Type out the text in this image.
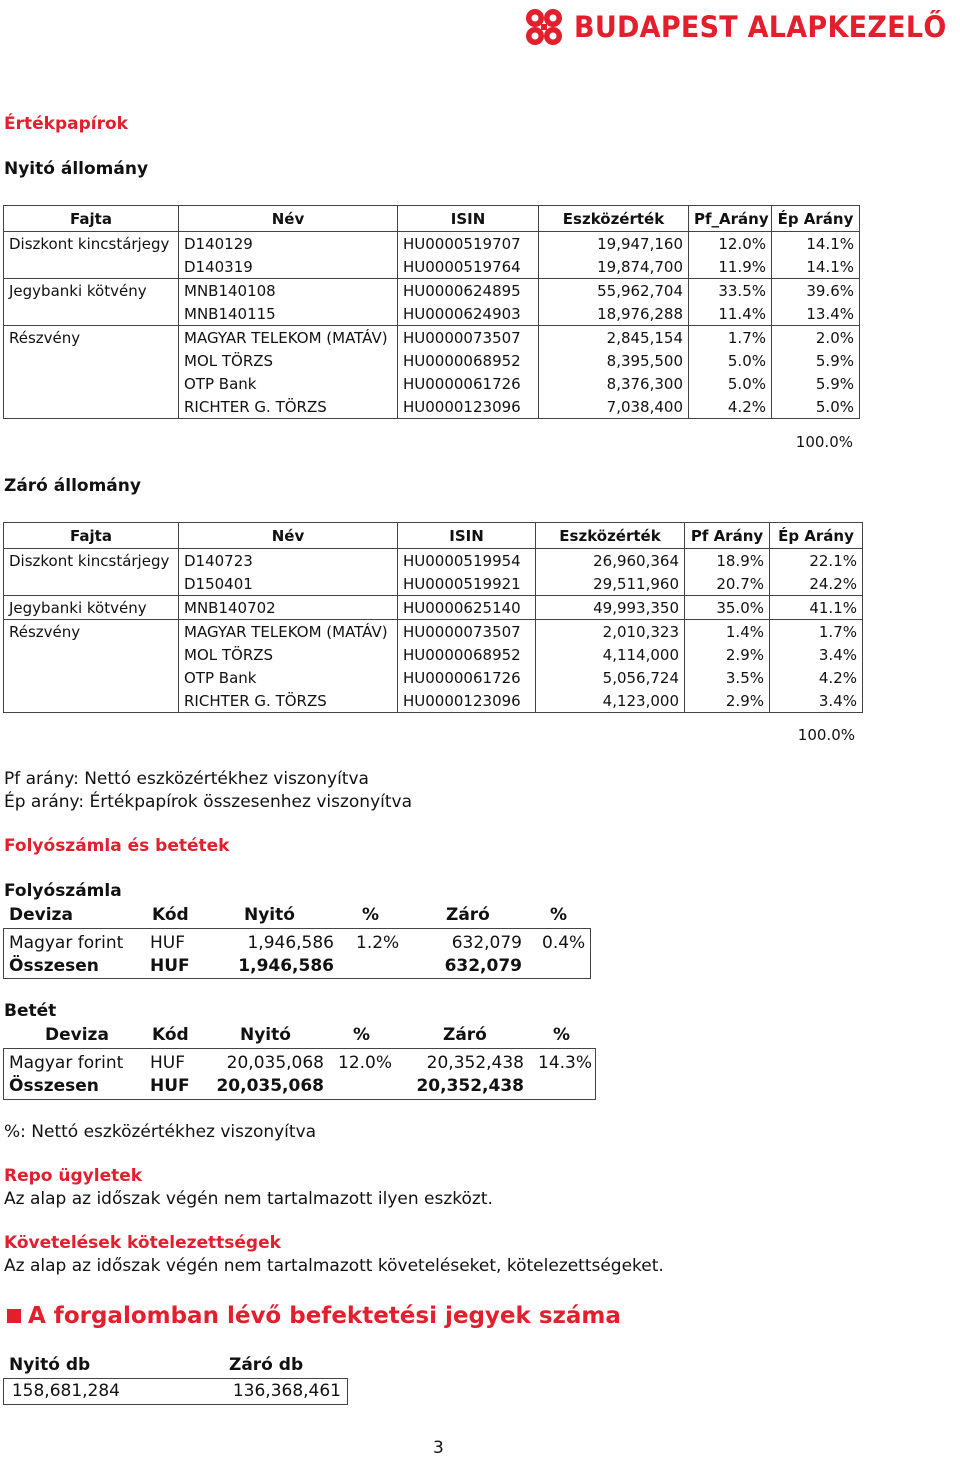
BUDAPEST ALAPKEZELŐ
Értékpapírok
Nyitó állomány
Fajta	Név	ISIN	Eszközérték	Pf_Arány	Ép Arány
Diszkont kincstárjegy	D140129	HU0000519707	19,947,160	12.0%	14.1%
	D140319	HU0000519764	19,874,700	11.9%	14.1%
Jegybanki kötvény	MNB140108	HU0000624895	55,962,704	33.5%	39.6%
	MNB140115	HU0000624903	18,976,288	11.4%	13.4%
Részvény	MAGYAR TELEKOM (MATÁV)	HU0000073507	2,845,154	1.7%	2.0%
	MOL TÖRZS	HU0000068952	8,395,500	5.0%	5.9%
	OTP Bank	HU0000061726	8,376,300	5.0%	5.9%
	RICHTER G. TÖRZS	HU0000123096	7,038,400	4.2%	5.0%
100.0%
Záró állomány
Fajta	Név	ISIN	Eszközérték	Pf Arány	Ép Arány
Diszkont kincstárjegy	D140723	HU0000519954	26,960,364	18.9%	22.1%
	D150401	HU0000519921	29,511,960	20.7%	24.2%
Jegybanki kötvény	MNB140702	HU0000625140	49,993,350	35.0%	41.1%
Részvény	MAGYAR TELEKOM (MATÁV)	HU0000073507	2,010,323	1.4%	1.7%
	MOL TÖRZS	HU0000068952	4,114,000	2.9%	3.4%
	OTP Bank	HU0000061726	5,056,724	3.5%	4.2%
	RICHTER G. TÖRZS	HU0000123096	4,123,000	2.9%	3.4%
100.0%
Pf arány: Nettó eszközértékhez viszonyítva
Ép arány: Értékpapírok összesenhez viszonyítva
Folyószámla és betétek
Folyószámla
Deviza	Kód	Nyitó	%	Záró	%
Magyar forint HUF	1,946,586 1.2%	632,079 0.4%
Összesen	HUF	1,946,586	632,079
Betét
Deviza	Kód	Nyitó	%	Záró	%
Magyar forint HUF	20,035,068 12.0%	20,352,438 14.3%
Összesen	HUF	20,035,068	20,352,438
%: Nettó eszközértékhez viszonyítva
Repo ügyletek
Az alap az időszak végén nem tartalmazott ilyen eszközt.
Követelések kötelezettségek
Az alap az időszak végén nem tartalmazott követeléseket, kötelezettségeket.
A forgalomban lévő befektetési jegyek száma
Nyitó db	Záró db
158,681,284	136,368,461
3
